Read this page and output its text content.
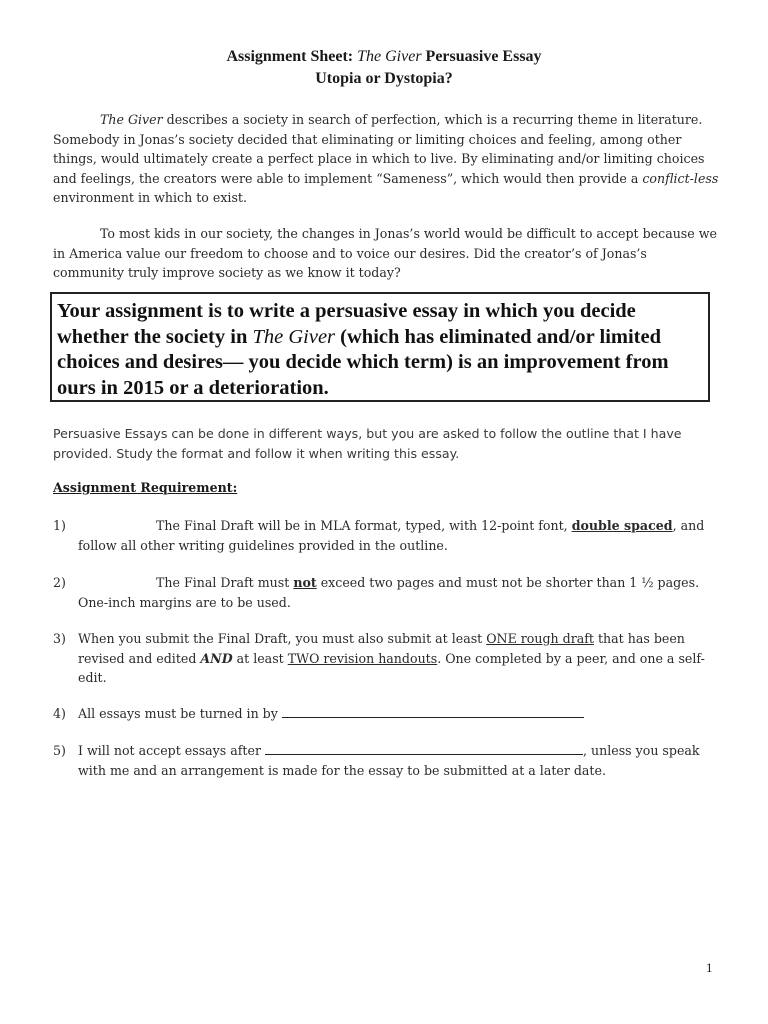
Assignment Sheet: The Giver Persuasive Essay
Utopia or Dystopia?
The Giver describes a society in search of perfection, which is a recurring theme in literature. Somebody in Jonas’s society decided that eliminating or limiting choices and feeling, among other things, would ultimately create a perfect place in which to live. By eliminating and/or limiting choices and feelings, the creators were able to implement “Sameness”, which would then provide a conflict-less environment in which to exist.
To most kids in our society, the changes in Jonas’s world would be difficult to accept because we in America value our freedom to choose and to voice our desires. Did the creator’s of Jonas’s community truly improve society as we know it today?
Your assignment is to write a persuasive essay in which you decide whether the society in The Giver (which has eliminated and/or limited choices and desires— you decide which term) is an improvement from ours in 2015 or a deterioration.
Persuasive Essays can be done in different ways, but you are asked to follow the outline that I have provided. Study the format and follow it when writing this essay.
Assignment Requirement:
1)	The Final Draft will be in MLA format, typed, with 12-point font, double spaced, and follow all other writing guidelines provided in the outline.
2)	The Final Draft must not exceed two pages and must not be shorter than 1 ½ pages. One-inch margins are to be used.
3) When you submit the Final Draft, you must also submit at least ONE rough draft that has been revised and edited AND at least TWO revision handouts. One completed by a peer, and one a self-edit.
4) All essays must be turned in by
5) I will not accept essays after	, unless you speak with me and an arrangement is made for the essay to be submitted at a later date.
1
